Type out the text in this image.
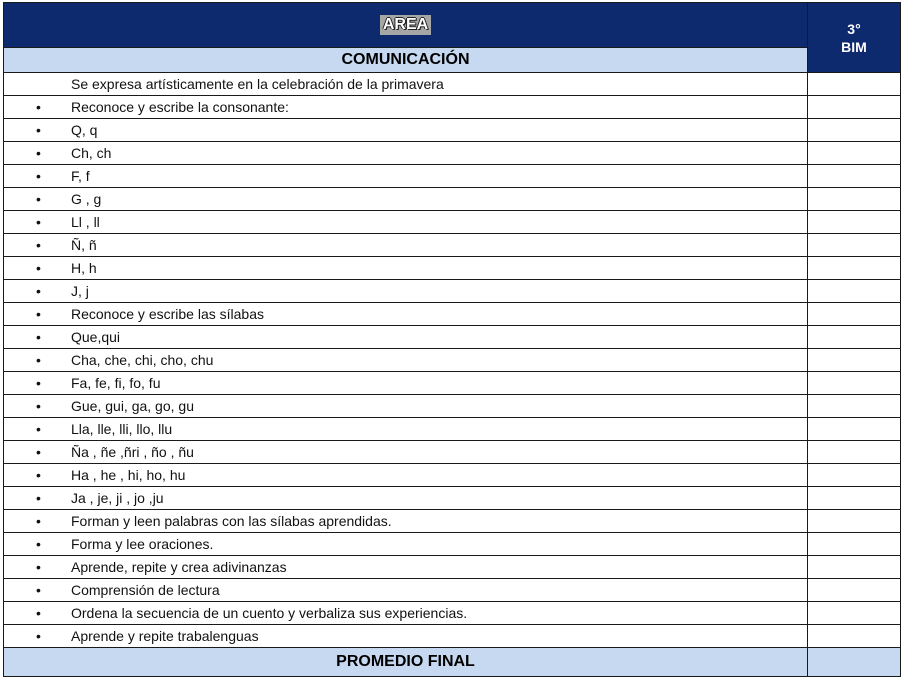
AREA	3°
BIM

COMUNICACIÓN	

Se expresa artísticamente en la celebración de la primavera	

• Reconoce y escribe la consonante:	

• Q, q	

• Ch, ch	

• F, f	

• G , g	

• Ll , ll	

• Ñ, ñ	

• H, h	

• J, j	

• Reconoce y escribe las sílabas	

• Que,qui	

• Cha, che, chi, cho, chu	

• Fa, fe, fi, fo, fu	

• Gue, gui, ga, go, gu	

• Lla, lle, lli, llo, llu	

• Ña , ñe ,ñri , ño , ñu	

• Ha , he , hi, ho, hu	

• Ja , je, ji , jo ,ju	

• Forman y leen palabras con las sílabas aprendidas.	

• Forma y lee oraciones.	

• Aprende, repite y crea adivinanzas	

• Comprensión de lectura	

• Ordena la secuencia de un cuento y verbaliza sus experiencias.	

• Aprende y repite trabalenguas	

PROMEDIO FINAL	
